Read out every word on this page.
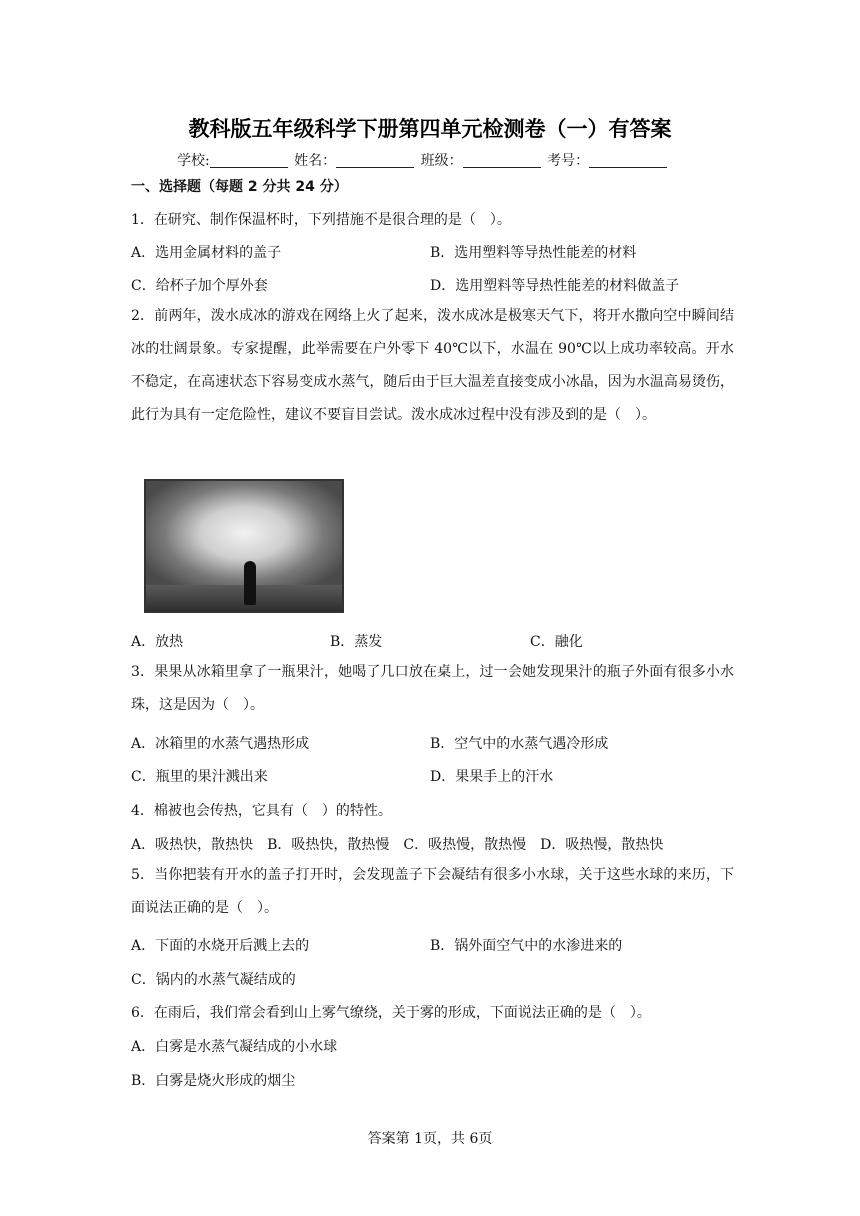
教科版五年级科学下册第四单元检测卷（一）有答案
学校:	姓名：	班级：	考号：
一、选择题（每题 2 分共 24 分）
1．在研究、制作保温杯时，下列措施不是很合理的是（　）。
A．选用金属材料的盖子	B．选用塑料等导热性能差的材料
C．给杯子加个厚外套	D．选用塑料等导热性能差的材料做盖子
2．前两年，泼水成冰的游戏在网络上火了起来，泼水成冰是极寒天气下，将开水撒向空中瞬间结冰的壮阔景象。专家提醒，此举需要在户外零下 40℃以下，水温在 90℃以上成功率较高。开水不稳定，在高速状态下容易变成水蒸气，随后由于巨大温差直接变成小冰晶，因为水温高易烫伤，此行为具有一定危险性，建议不要盲目尝试。泼水成冰过程中没有涉及到的是（　）。
A．放热	B．蒸发	C．融化
3．果果从冰箱里拿了一瓶果汁，她喝了几口放在桌上，过一会她发现果汁的瓶子外面有很多小水珠，这是因为（　）。
A．冰箱里的水蒸气遇热形成	B．空气中的水蒸气遇冷形成
C．瓶里的果汁溅出来	D．果果手上的汗水
4．棉被也会传热，它具有（　）的特性。
A．吸热快，散热快　B．吸热快，散热慢　C．吸热慢，散热慢　D．吸热慢，散热快
5．当你把装有开水的盖子打开时，会发现盖子下会凝结有很多小水球，关于这些水球的来历，下面说法正确的是（　）。
A．下面的水烧开后溅上去的	B．锅外面空气中的水渗进来的
C．锅内的水蒸气凝结成的
6．在雨后，我们常会看到山上雾气缭绕，关于雾的形成，下面说法正确的是（　）。
A．白雾是水蒸气凝结成的小水球
B．白雾是烧火形成的烟尘
答案第 1页，共 6页
